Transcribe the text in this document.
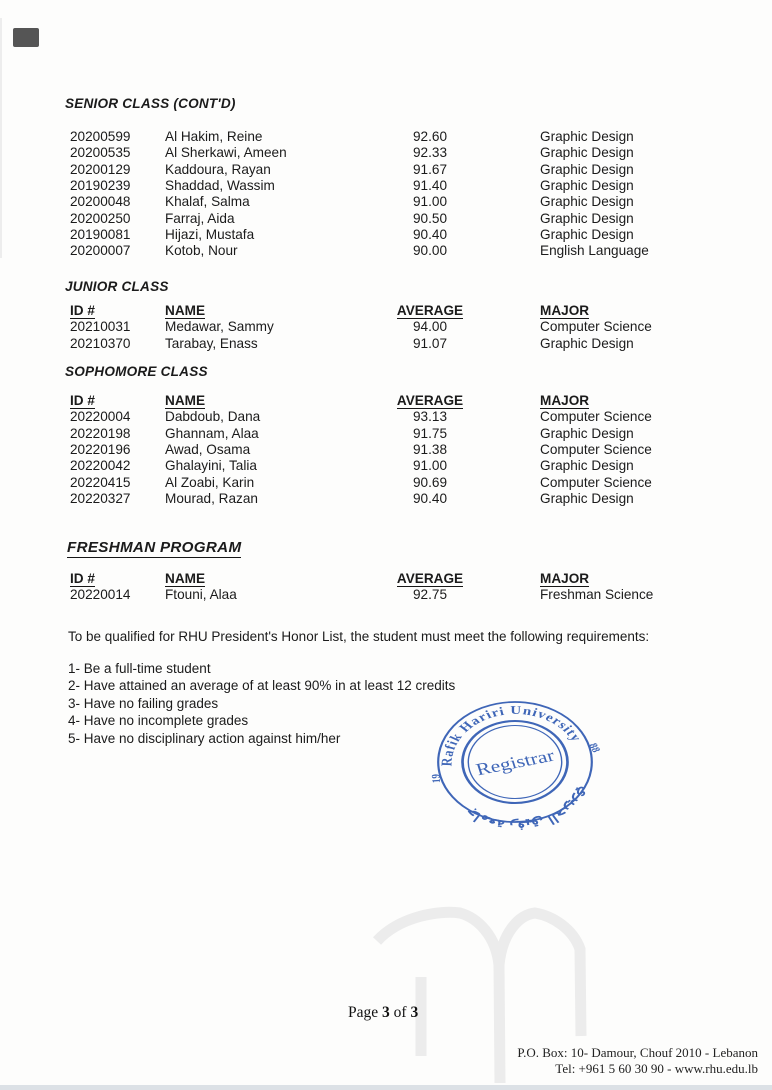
SENIOR CLASS (CONT'D)
20200599	Al Hakim, Reine	92.60	Graphic Design
20200535	Al Sherkawi, Ameen	92.33	Graphic Design
20200129	Kaddoura, Rayan	91.67	Graphic Design
20190239	Shaddad, Wassim	91.40	Graphic Design
20200048	Khalaf, Salma	91.00	Graphic Design
20200250	Farraj, Aida	90.50	Graphic Design
20190081	Hijazi, Mustafa	90.40	Graphic Design
20200007	Kotob, Nour	90.00	English Language
JUNIOR CLASS
ID #	NAME	AVERAGE	MAJOR
20210031	Medawar, Sammy	94.00	Computer Science
20210370	Tarabay, Enass	91.07	Graphic Design
SOPHOMORE CLASS
ID #	NAME	AVERAGE	MAJOR
20220004	Dabdoub, Dana	93.13	Computer Science
20220198	Ghannam, Alaa	91.75	Graphic Design
20220196	Awad, Osama	91.38	Computer Science
20220042	Ghalayini, Talia	91.00	Graphic Design
20220415	Al Zoabi, Karin	90.69	Computer Science
20220327	Mourad, Razan	90.40	Graphic Design
FRESHMAN PROGRAM
ID #	NAME	AVERAGE	MAJOR
20220014	Ftouni, Alaa	92.75	Freshman Science
To be qualified for RHU President's Honor List, the student must meet the following requirements:
1- Be a full-time student
2- Have attained an average of at least 90% in at least 12 credits
3- Have no failing grades
4- Have no incomplete grades
5- Have no disciplinary action against him/her
Rafik Hariri University
جامعة رفيق الحريري
Registrar
19
88
Page 3 of 3
P.O. Box: 10- Damour, Chouf 2010 - Lebanon
Tel: +961 5 60 30 90 - www.rhu.edu.lb
